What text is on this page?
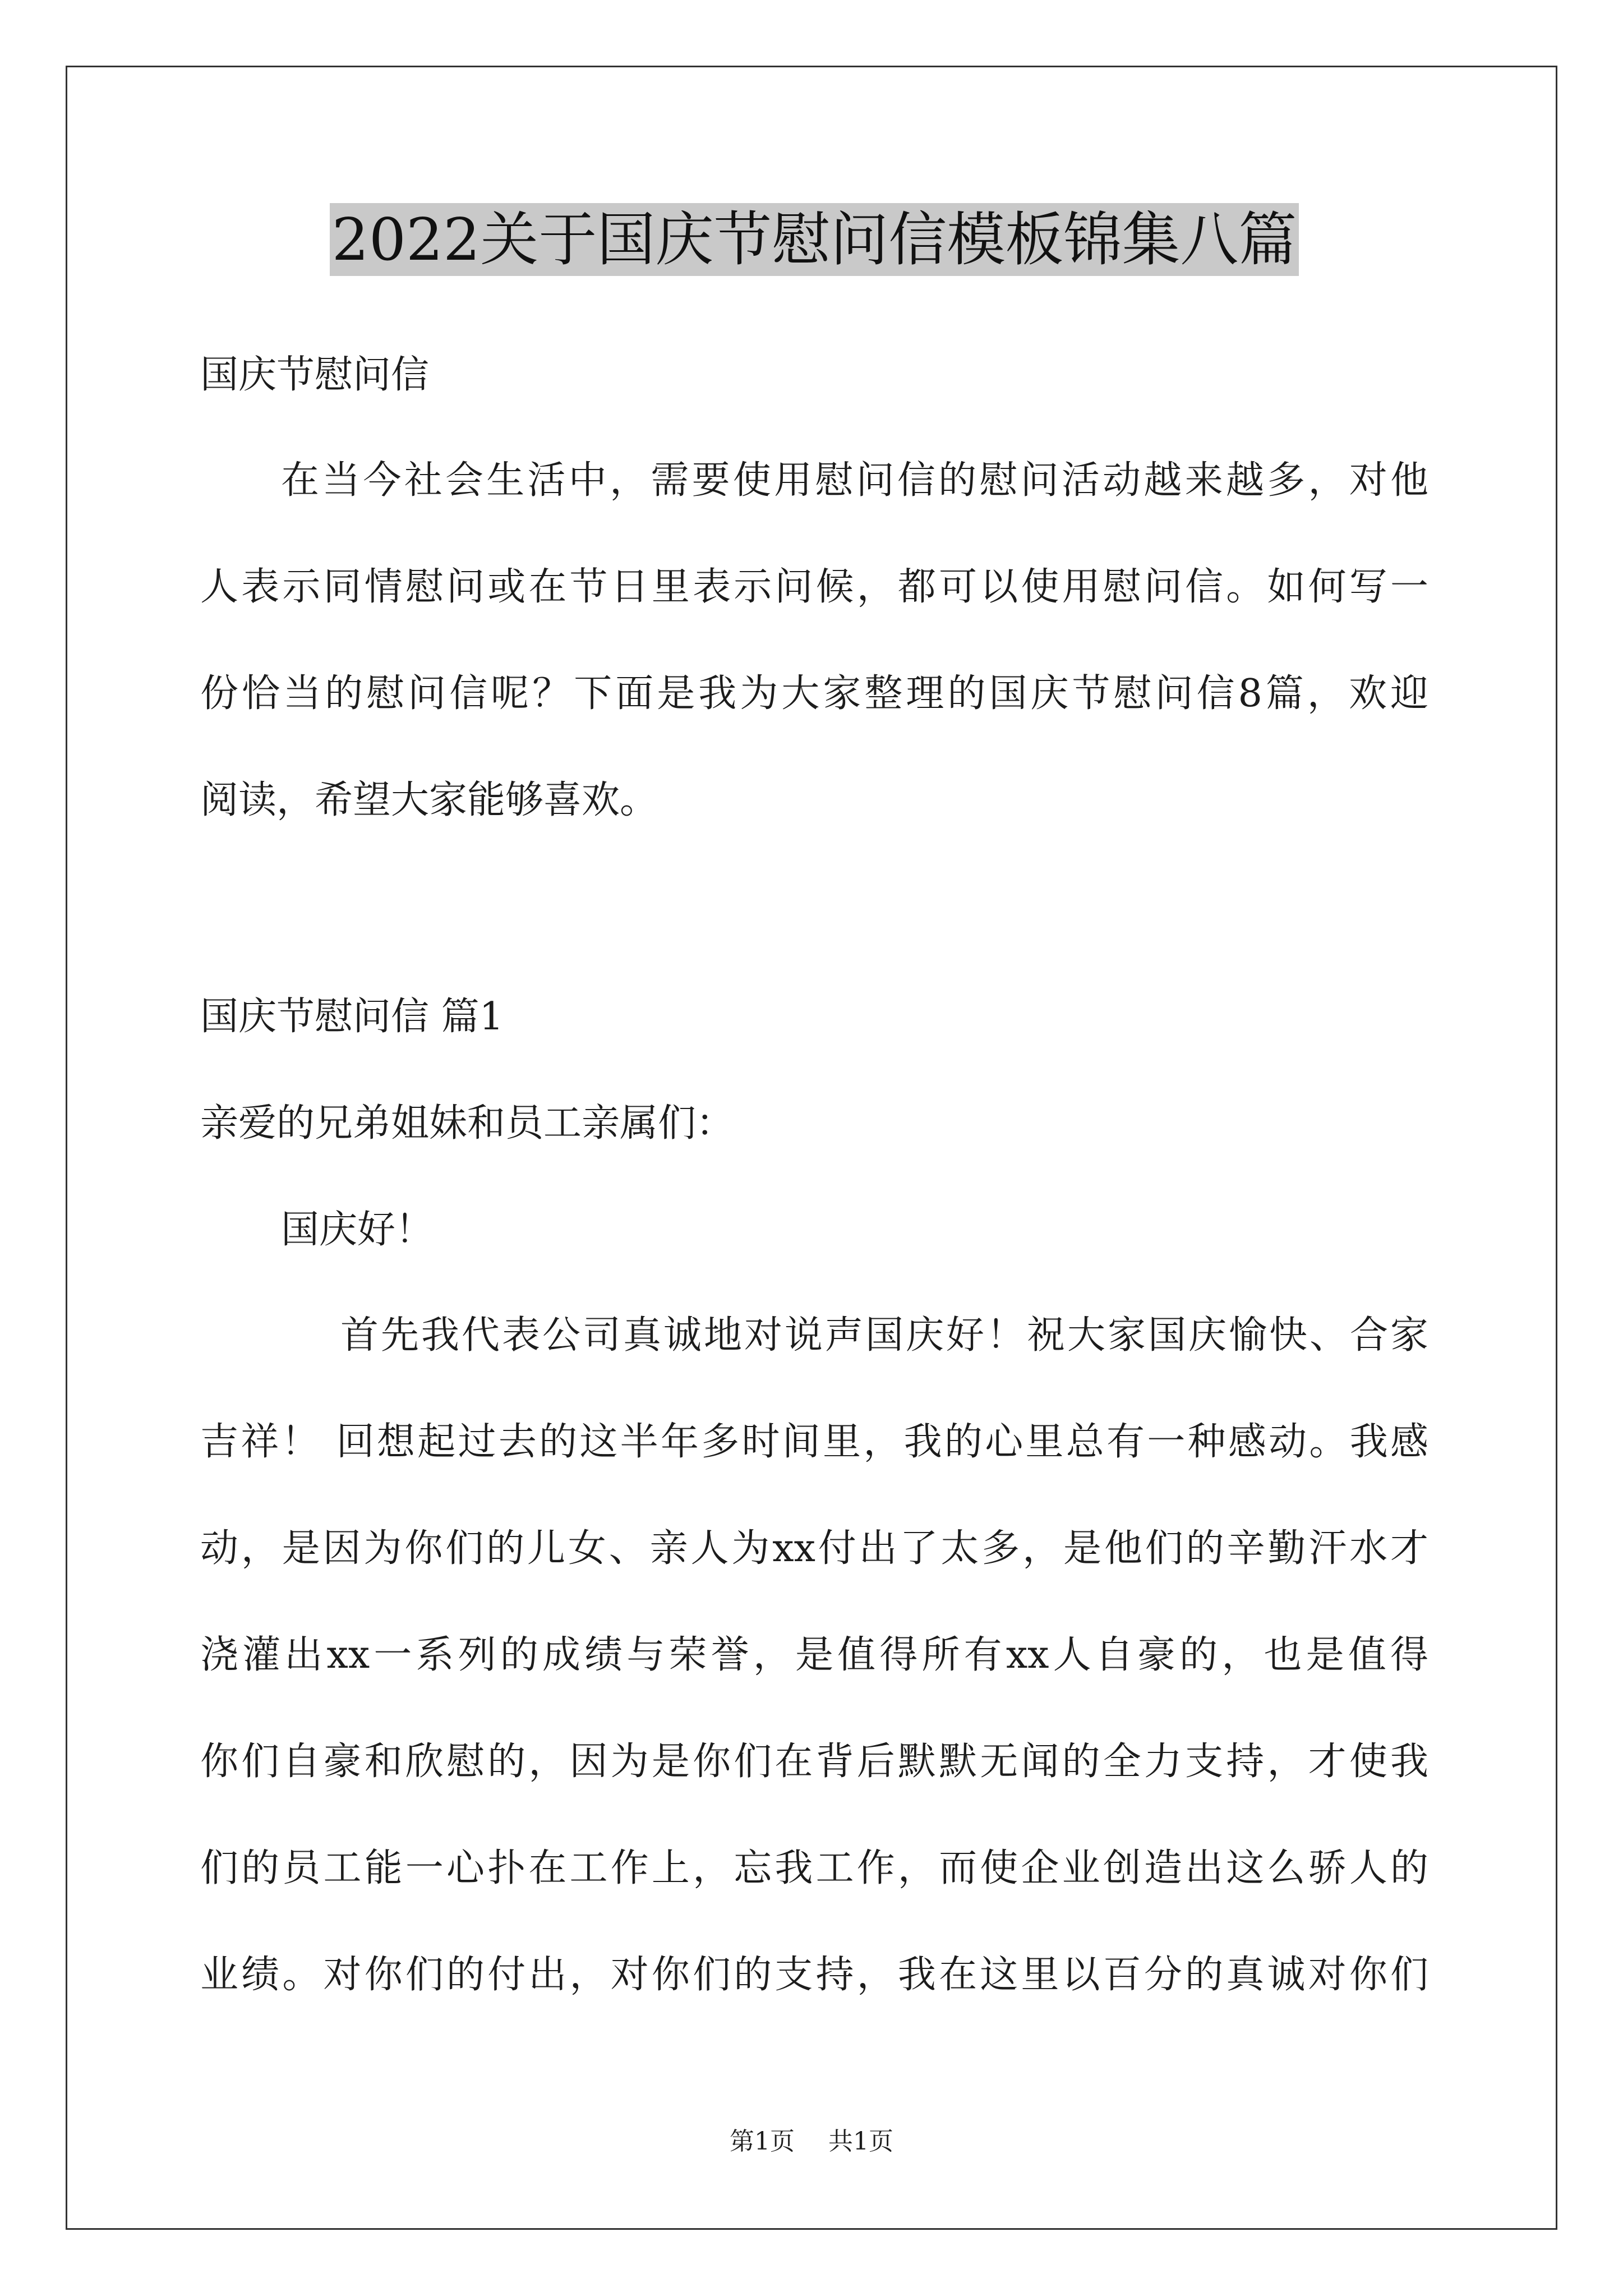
2022关于国庆节慰问信模板锦集八篇
国庆节慰问信
在当今社会生活中，需要使用慰问信的慰问活动越来越多，对他
人表示同情慰问或在节日里表示问候，都可以使用慰问信。如何写一
份恰当的慰问信呢？下面是我为大家整理的国庆节慰问信8篇，欢迎
阅读，希望大家能够喜欢。
国庆节慰问信 篇1
亲爱的兄弟姐妹和员工亲属们：
国庆好！
首先我代表公司真诚地对说声国庆好！祝大家国庆愉快、合家
吉祥！ 回想起过去的这半年多时间里，我的心里总有一种感动。我感
动，是因为你们的儿女、亲人为xx付出了太多，是他们的辛勤汗水才
浇灌出xx一系列的成绩与荣誉，是值得所有xx人自豪的，也是值得
你们自豪和欣慰的，因为是你们在背后默默无闻的全力支持，才使我
们的员工能一心扑在工作上，忘我工作，而使企业创造出这么骄人的
业绩。对你们的付出，对你们的支持，我在这里以百分的真诚对你们
第1页 共1页
